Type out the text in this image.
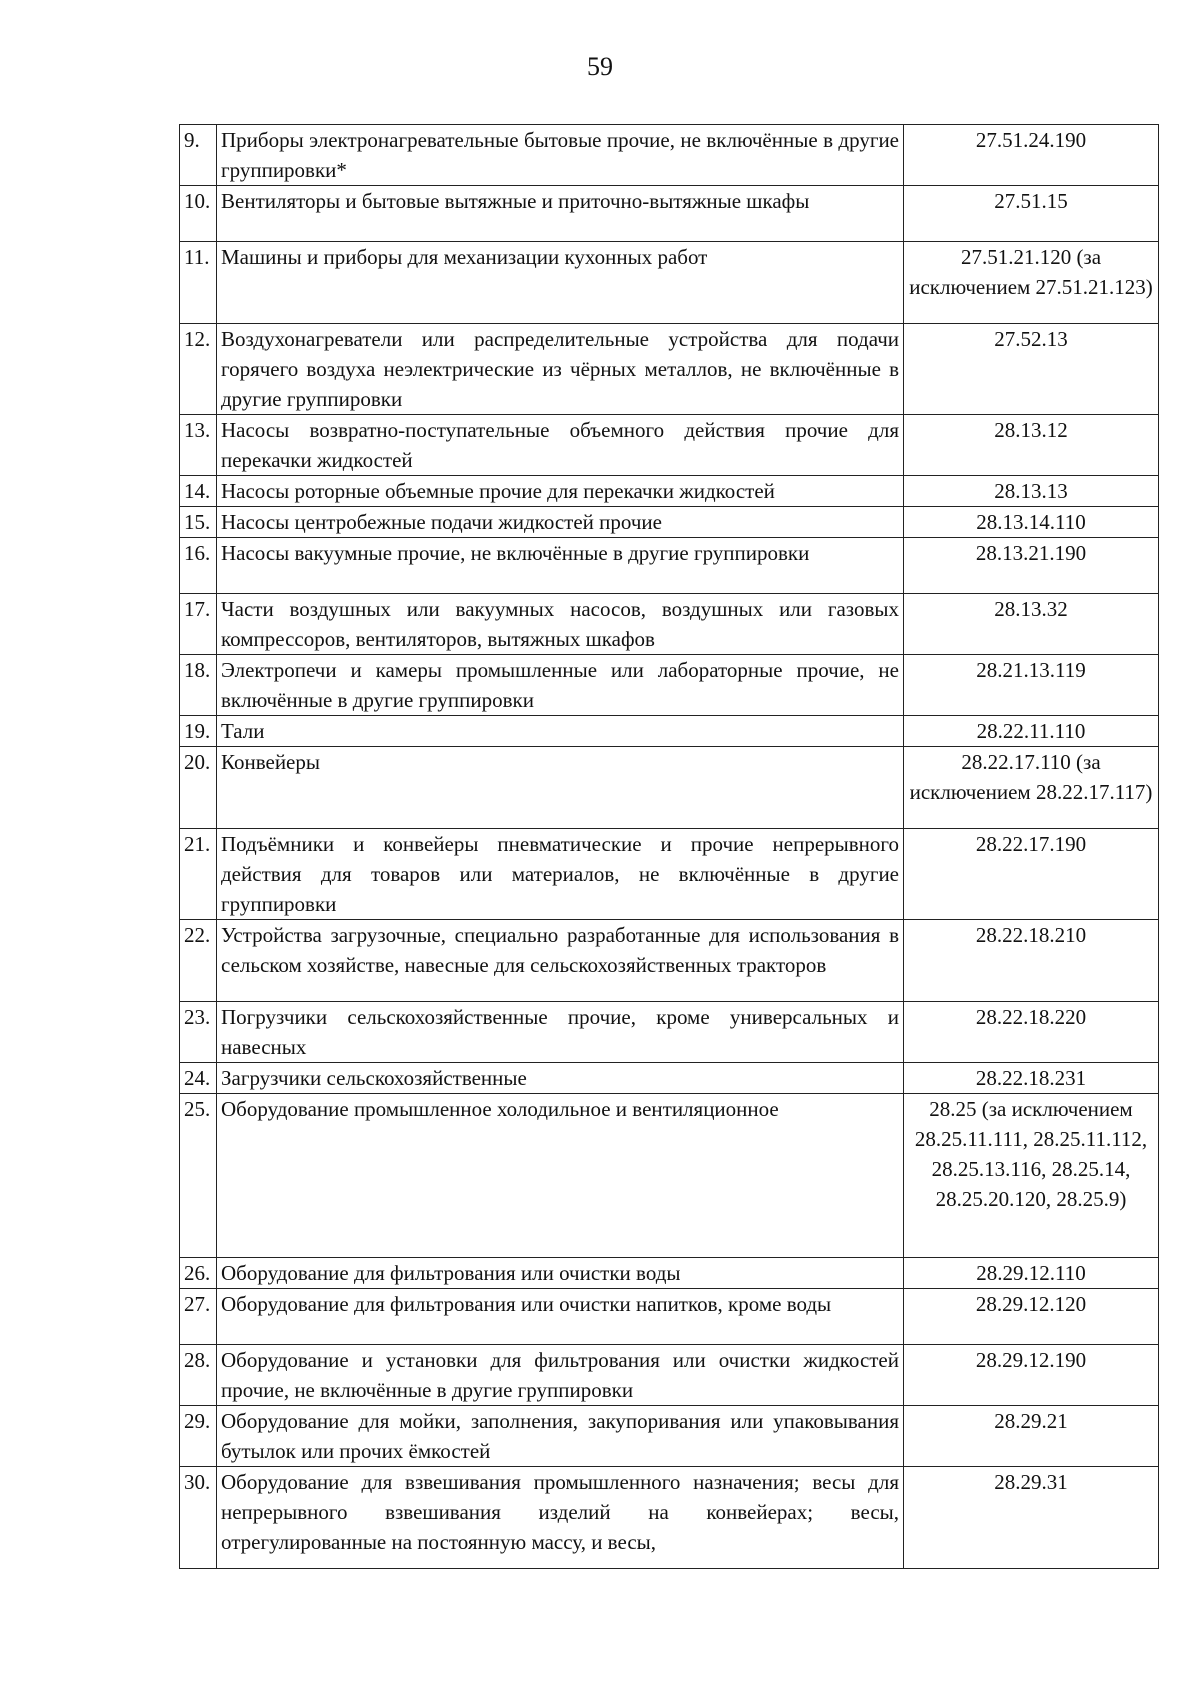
59
9.	Приборы электронагревательные бытовые прочие, не включённые в другие группировки*	27.51.24.190
10.	Вентиляторы и бытовые вытяжные и приточно-вытяжные шкафы	27.51.15
11.	Машины и приборы для механизации кухонных работ	27.51.21.120 (за исключением 27.51.21.123)
12.	Воздухонагреватели или распределительные устройства для подачи горячего воздуха неэлектрические из чёрных металлов, не включённые в другие группировки	27.52.13
13.	Насосы возвратно-поступательные объемного действия прочие для перекачки жидкостей	28.13.12
14.	Насосы роторные объемные прочие для перекачки жидкостей	28.13.13
15.	Насосы центробежные подачи жидкостей прочие	28.13.14.110
16.	Насосы вакуумные прочие, не включённые в другие группировки	28.13.21.190
17.	Части воздушных или вакуумных насосов, воздушных или газовых компрессоров, вентиляторов, вытяжных шкафов	28.13.32
18.	Электропечи и камеры промышленные или лабораторные прочие, не включённые в другие группировки	28.21.13.119
19.	Тали	28.22.11.110
20.	Конвейеры	28.22.17.110 (за исключением 28.22.17.117)
21.	Подъёмники и конвейеры пневматические и прочие непрерывного действия для товаров или материалов, не включённые в другие группировки	28.22.17.190
22.	Устройства загрузочные, специально разработанные для использования в сельском хозяйстве, навесные для сельскохозяйственных тракторов	28.22.18.210
23.	Погрузчики сельскохозяйственные прочие, кроме универсальных и навесных	28.22.18.220
24.	Загрузчики сельскохозяйственные	28.22.18.231
25.	Оборудование промышленное холодильное и вентиляционное	28.25 (за исключением 28.25.11.111, 28.25.11.112, 28.25.13.116, 28.25.14, 28.25.20.120, 28.25.9)
26.	Оборудование для фильтрования или очистки воды	28.29.12.110
27.	Оборудование для фильтрования или очистки напитков, кроме воды	28.29.12.120
28.	Оборудование и установки для фильтрования или очистки жидкостей прочие, не включённые в другие группировки	28.29.12.190
29.	Оборудование для мойки, заполнения, закупоривания или упаковывания бутылок или прочих ёмкостей	28.29.21
30.	Оборудование для взвешивания промышленного назначения; весы для непрерывного взвешивания изделий на конвейерах; весы, отрегулированные на постоянную массу, и весы,	28.29.31
